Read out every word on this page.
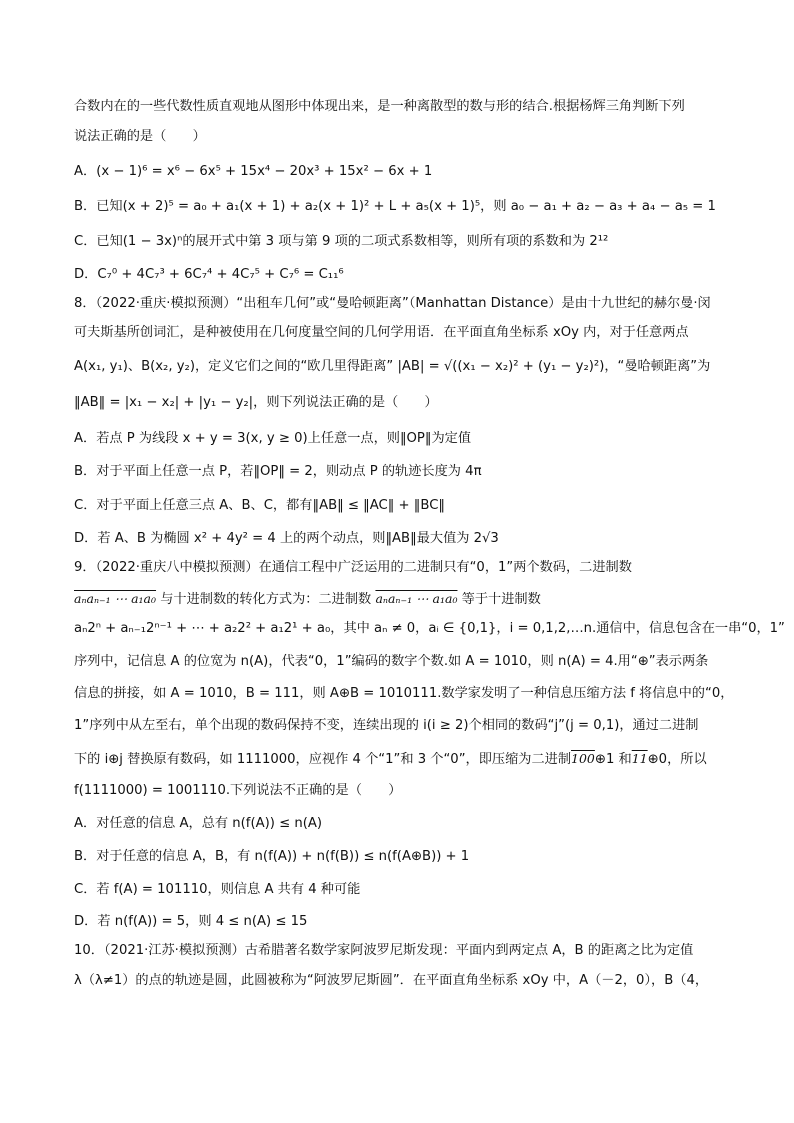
合数内在的一些代数性质直观地从图形中体现出来，是一种离散型的数与形的结合.根据杨辉三角判断下列
说法正确的是（　　）
A．(x − 1)⁶ = x⁶ − 6x⁵ + 15x⁴ − 20x³ + 15x² − 6x + 1
B．已知(x + 2)⁵ = a₀ + a₁(x + 1) + a₂(x + 1)² + L + a₅(x + 1)⁵，则 a₀ − a₁ + a₂ − a₃ + a₄ − a₅ = 1
C．已知(1 − 3x)ⁿ的展开式中第 3 项与第 9 项的二项式系数相等，则所有项的系数和为 2¹²
D．C₇⁰ + 4C₇³ + 6C₇⁴ + 4C₇⁵ + C₇⁶ = C₁₁⁶
8．（2022·重庆·模拟预测）“出租车几何”或“曼哈顿距离”（Manhattan Distance）是由十九世纪的赫尔曼·闵
可夫斯基所创词汇，是种被使用在几何度量空间的几何学用语．在平面直角坐标系 xOy 内，对于任意两点
A(x₁, y₁)、B(x₂, y₂)，定义它们之间的“欧几里得距离” |AB| = √((x₁ − x₂)² + (y₁ − y₂)²)，“曼哈顿距离”为
‖AB‖ = |x₁ − x₂| + |y₁ − y₂|，则下列说法正确的是（　　）
A．若点 P 为线段 x + y = 3(x, y ≥ 0)上任意一点，则‖OP‖为定值
B．对于平面上任意一点 P，若‖OP‖ = 2，则动点 P 的轨迹长度为 4π
C．对于平面上任意三点 A、B、C，都有‖AB‖ ≤ ‖AC‖ + ‖BC‖
D．若 A、B 为椭圆 x² + 4y² = 4 上的两个动点，则‖AB‖最大值为 2√3
9．（2022·重庆八中模拟预测）在通信工程中广泛运用的二进制只有“0，1”两个数码，二进制数
aₙaₙ₋₁ ⋯ a₁a₀ 与十进制数的转化方式为：二进制数 aₙaₙ₋₁ ⋯ a₁a₀ 等于十进制数
aₙ2ⁿ + aₙ₋₁2ⁿ⁻¹ + ⋯ + a₂2² + a₁2¹ + a₀，其中 aₙ ≠ 0，aᵢ ∈ {0,1}，i = 0,1,2,…n.通信中，信息包含在一串“0，1”
序列中，记信息 A 的位宽为 n(A)，代表“0，1”编码的数字个数.如 A = 1010，则 n(A) = 4.用“⊕”表示两条
信息的拼接，如 A = 1010，B = 111，则 A⊕B = 1010111.数学家发明了一种信息压缩方法 f 将信息中的“0，
1”序列中从左至右，单个出现的数码保持不变，连续出现的 i(i ≥ 2)个相同的数码“j”(j = 0,1)，通过二进制
下的 i⊕j 替换原有数码，如 1111000，应视作 4 个“1”和 3 个“0”，即压缩为二进制100⊕1 和11⊕0，所以
f(1111000) = 1001110.下列说法不正确的是（　　）
A．对任意的信息 A，总有 n(f(A)) ≤ n(A)
B．对于任意的信息 A，B，有 n(f(A)) + n(f(B)) ≤ n(f(A⊕B)) + 1
C．若 f(A) = 101110，则信息 A 共有 4 种可能
D．若 n(f(A)) = 5，则 4 ≤ n(A) ≤ 15
10．（2021·江苏·模拟预测）古希腊著名数学家阿波罗尼斯发现：平面内到两定点 A，B 的距离之比为定值
λ（λ≠1）的点的轨迹是圆，此圆被称为“阿波罗尼斯圆”．在平面直角坐标系 xOy 中，A（－2，0），B（4，
